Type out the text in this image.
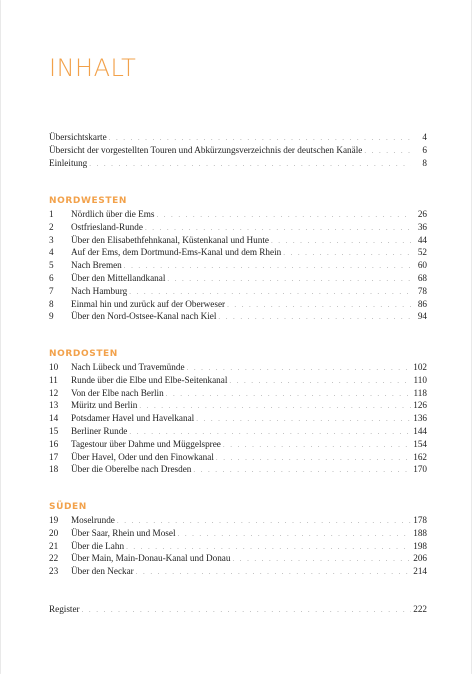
INHALT
Übersichtskarte . . .	4
Übersicht der vorgestellten Touren und Abkürzungsverzeichnis der deutschen Kanäle . . .	6
Einleitung . . .	8
NORDWESTEN
1	Nördlich über die Ems . . .	26
2	Ostfriesland-Runde . . .	36
3	Über den Elisabethfehnkanal, Küstenkanal und Hunte . . .	44
4	Auf der Ems, dem Dortmund-Ems-Kanal und dem Rhein . . .	52
5	Nach Bremen . . .	60
6	Über den Mittellandkanal . . .	68
7	Nach Hamburg . . .	78
8	Einmal hin und zurück auf der Oberweser . . .	86
9	Über den Nord-Ostsee-Kanal nach Kiel . . .	94
NORDOSTEN
10	Nach Lübeck und Travemünde . . .	102
11	Runde über die Elbe und Elbe-Seitenkanal . . .	110
12	Von der Elbe nach Berlin . . .	118
13	Müritz und Berlin . . .	126
14	Potsdamer Havel und Havelkanal . . .	136
15	Berliner Runde . . .	144
16	Tagestour über Dahme und Müggelspree . . .	154
17	Über Havel, Oder und den Finowkanal . . .	162
18	Über die Oberelbe nach Dresden . . .	170
SÜDEN
19	Moselrunde . . .	178
20	Über Saar, Rhein und Mosel . . .	188
21	Über die Lahn . . .	198
22	Über Main, Main-Donau-Kanal und Donau . . .	206
23	Über den Neckar . . .	214
Register . . .	222
